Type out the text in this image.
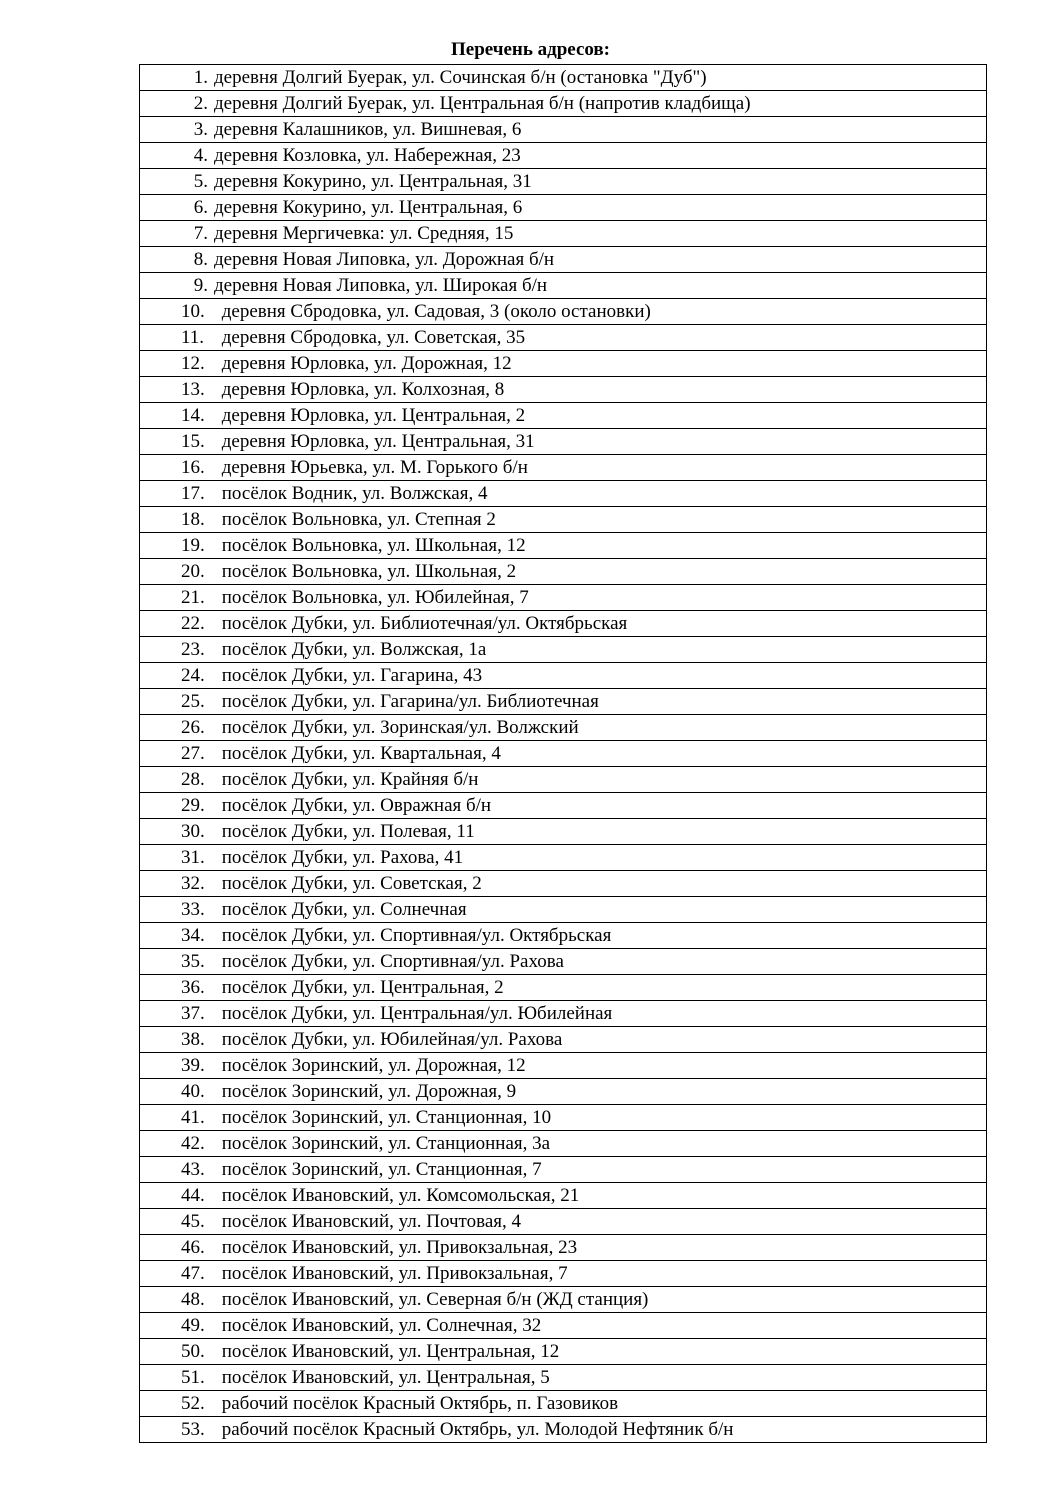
Перечень адресов:
1. деревня Долгий Буерак, ул. Сочинская б/н (остановка "Дуб")
2. деревня Долгий Буерак, ул. Центральная б/н (напротив кладбища)
3. деревня Калашников, ул. Вишневая, 6
4. деревня Козловка, ул. Набережная, 23
5. деревня Кокурино, ул. Центральная, 31
6. деревня Кокурино, ул. Центральная, 6
7. деревня Мергичевка: ул. Средняя, 15
8. деревня Новая Липовка, ул. Дорожная б/н
9. деревня Новая Липовка, ул. Широкая б/н
10. деревня Сбродовка, ул. Садовая, 3 (около остановки)
11. деревня Сбродовка, ул. Советская, 35
12. деревня Юрловка, ул. Дорожная, 12
13. деревня Юрловка, ул. Колхозная, 8
14. деревня Юрловка, ул. Центральная, 2
15. деревня Юрловка, ул. Центральная, 31
16. деревня Юрьевка, ул. М. Горького б/н
17. посёлок Водник, ул. Волжская, 4
18. посёлок Вольновка, ул. Степная 2
19. посёлок Вольновка, ул. Школьная, 12
20. посёлок Вольновка, ул. Школьная, 2
21. посёлок Вольновка, ул. Юбилейная, 7
22. посёлок Дубки, ул. Библиотечная/ул. Октябрьская
23. посёлок Дубки, ул. Волжская, 1а
24. посёлок Дубки, ул. Гагарина, 43
25. посёлок Дубки, ул. Гагарина/ул. Библиотечная
26. посёлок Дубки, ул. Зоринская/ул. Волжский
27. посёлок Дубки, ул. Квартальная, 4
28. посёлок Дубки, ул. Крайняя б/н
29. посёлок Дубки, ул. Овражная б/н
30. посёлок Дубки, ул. Полевая, 11
31. посёлок Дубки, ул. Рахова, 41
32. посёлок Дубки, ул. Советская, 2
33. посёлок Дубки, ул. Солнечная
34. посёлок Дубки, ул. Спортивная/ул. Октябрьская
35. посёлок Дубки, ул. Спортивная/ул. Рахова
36. посёлок Дубки, ул. Центральная, 2
37. посёлок Дубки, ул. Центральная/ул. Юбилейная
38. посёлок Дубки, ул. Юбилейная/ул. Рахова
39. посёлок Зоринский, ул. Дорожная, 12
40. посёлок Зоринский, ул. Дорожная, 9
41. посёлок Зоринский, ул. Станционная, 10
42. посёлок Зоринский, ул. Станционная, 3а
43. посёлок Зоринский, ул. Станционная, 7
44. посёлок Ивановский, ул. Комсомольская, 21
45. посёлок Ивановский, ул. Почтовая, 4
46. посёлок Ивановский, ул. Привокзальная, 23
47. посёлок Ивановский, ул. Привокзальная, 7
48. посёлок Ивановский, ул. Северная б/н (ЖД станция)
49. посёлок Ивановский, ул. Солнечная, 32
50. посёлок Ивановский, ул. Центральная, 12
51. посёлок Ивановский, ул. Центральная, 5
52. рабочий посёлок Красный Октябрь, п. Газовиков
53. рабочий посёлок Красный Октябрь, ул. Молодой Нефтяник б/н
